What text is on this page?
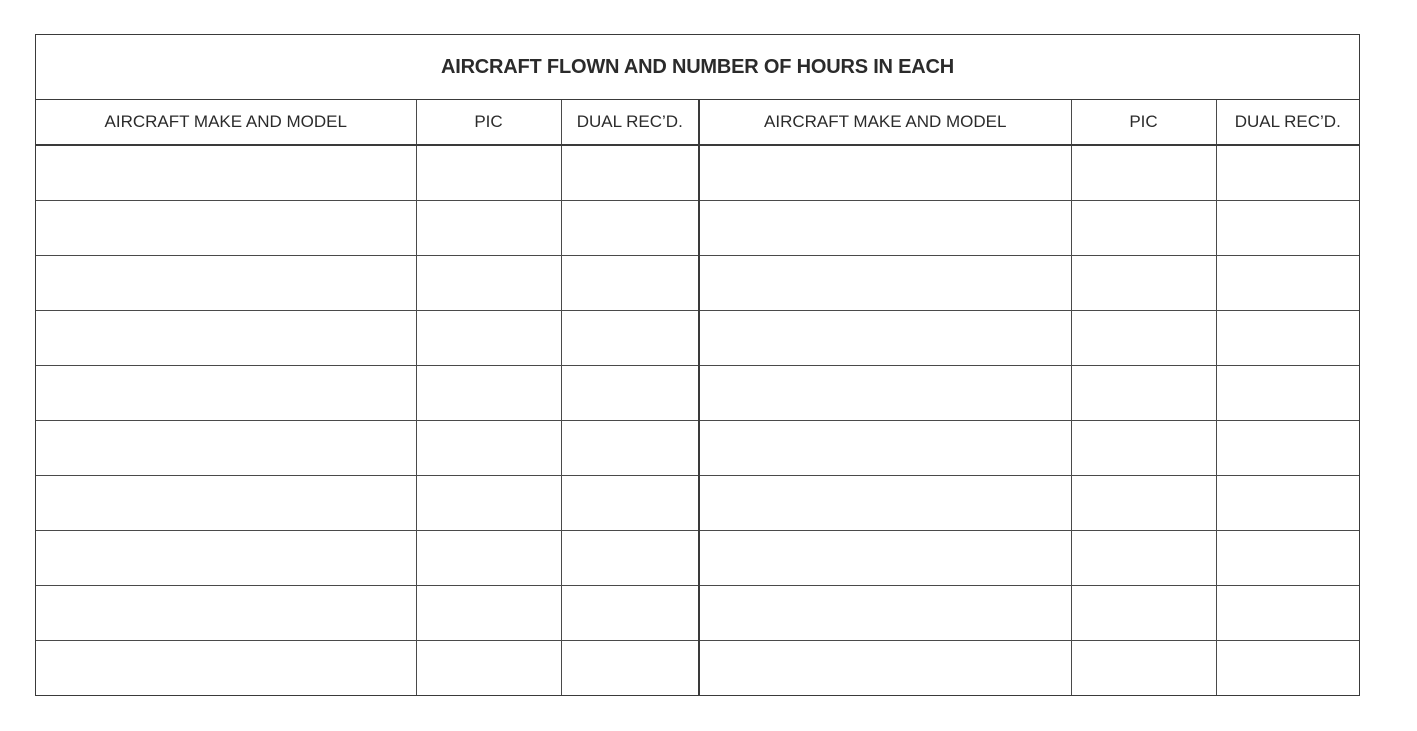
AIRCRAFT FLOWN AND NUMBER OF HOURS IN EACH
AIRCRAFT MAKE AND MODEL	PIC	DUAL REC’D.	AIRCRAFT MAKE AND MODEL	PIC	DUAL REC’D.
